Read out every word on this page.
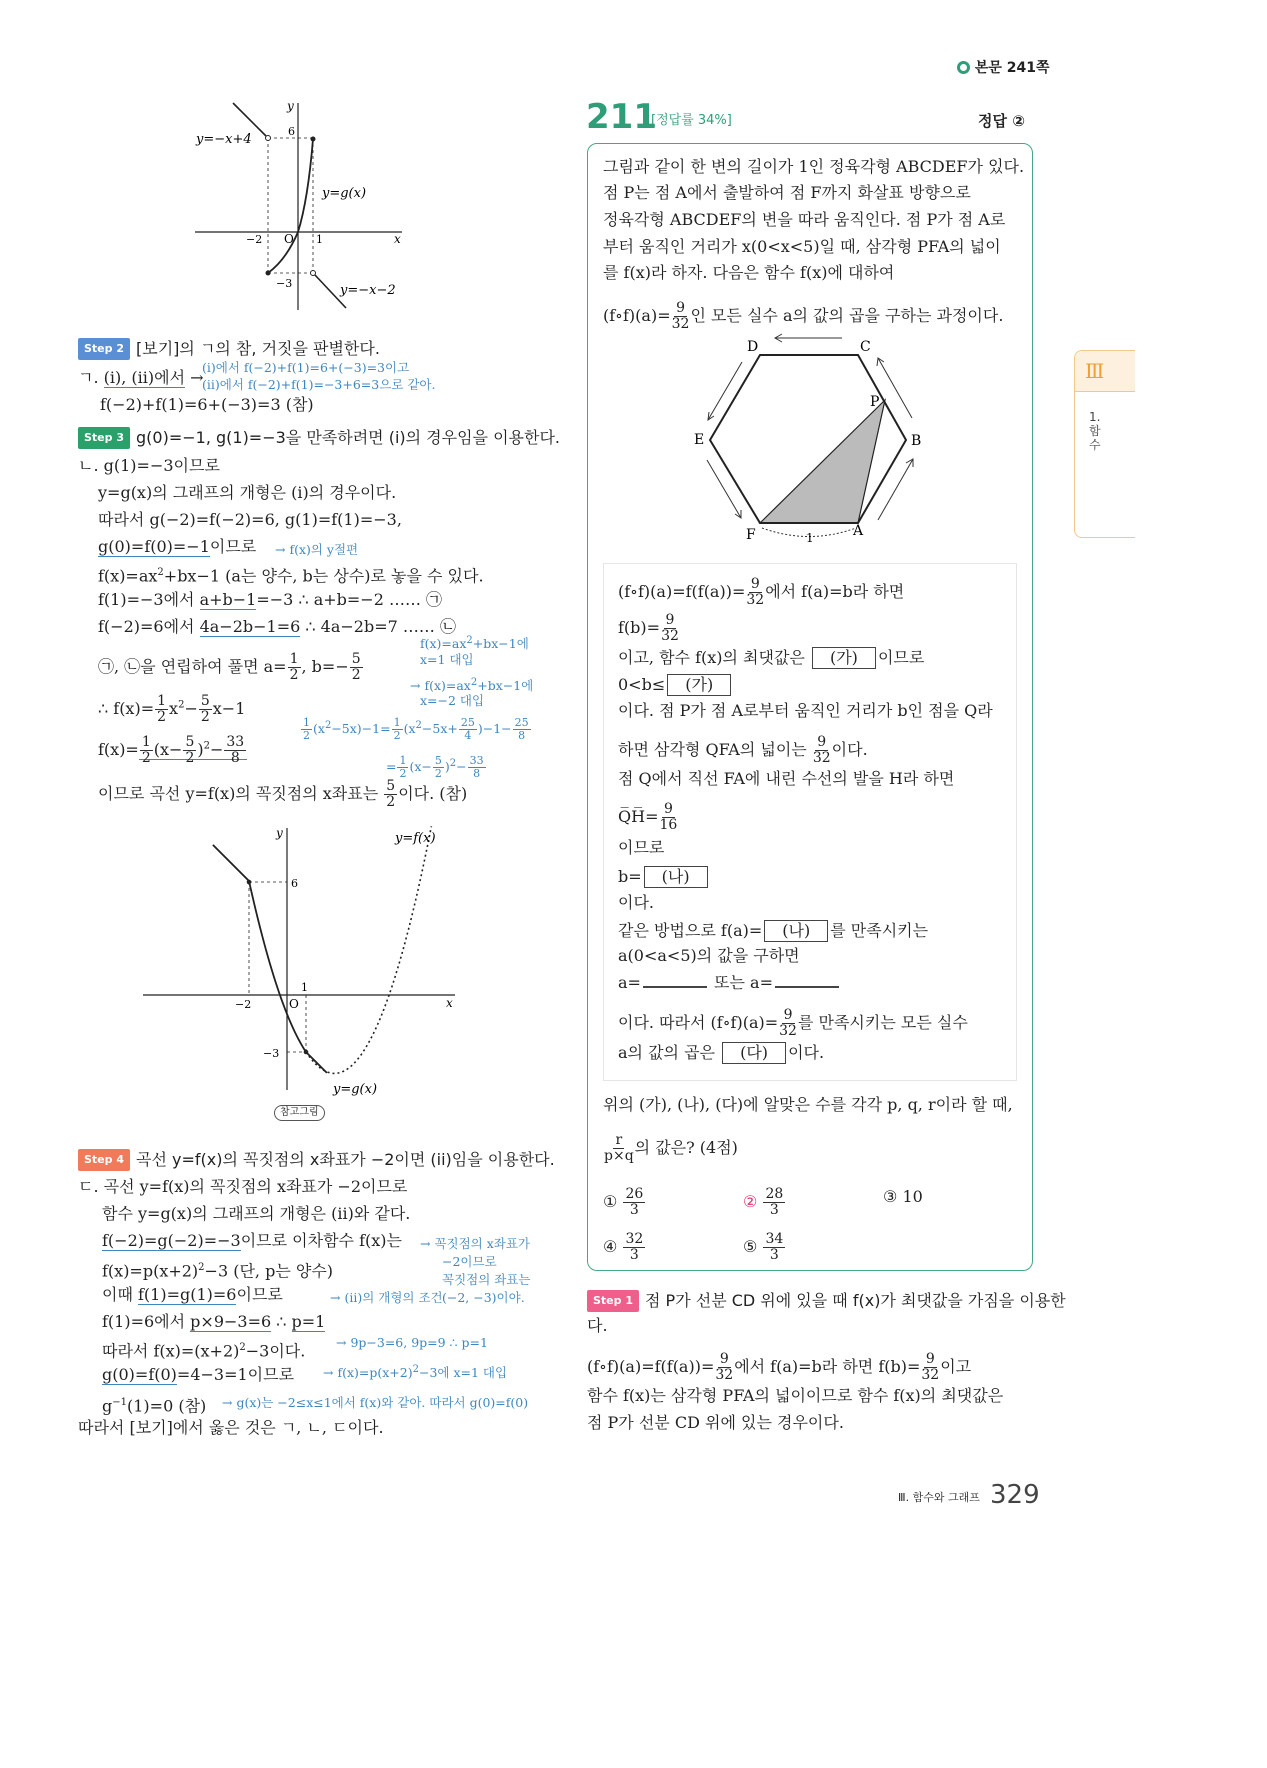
본문 241쪽
211
[정답률 34%]	정답 ②
Ⅲ
1. 함수
y=−x+4
y=g(x)
y=−x−2
y
x
O
6
−2	1
−3
y=f(x)
y=g(x)
y
x
O
6
−2
1
−3
참고그림
A
B
C
D
E
F
P
1
① $\frac{26}{3}$	② $\frac{28}{3}$	③ 10
④ $\frac{32}{3}$	⑤ $\frac{34}{3}$
Ⅲ. 함수와 그래프 329
Step 2 [보기]의 ㄱ의 참, 거짓을 판별한다.
ㄱ. (i), (ii)에서 →
f(−2)+f(1)=6+(−3)=3 (참)
Step 3 g(0)=−1, g(1)=−3을 만족하려면 (i)의 경우임을 이용한다.
ㄴ. g(1)=−3이므로
y=g(x)의 그래프의 개형은 (i)의 경우이다.
따라서 g(−2)=f(−2)=6, g(1)=f(1)=−3,
g(0)=f(0)=−1이므로
$f(x)=ax^2+bx-1$ (a는 양수, b는 상수)로 놓을 수 있다.
f(1)=−3에서 a+b−1=−3 ∴ a+b=−2 …… ㉠
f(−2)=6에서 4a−2b−1=6 ∴ 4a−2b=7 …… ㉡
㉠, ㉡을 연립하여 풀면 $a= \frac{1}{2}$ , $b=- \frac{5}{2}$
∴ $f(x)= \frac{1}{2} x^2- \frac{5}{2} x-1$
$f(x)= \frac{1}{2} (x- \frac{5}{2} )^2- \frac{33}{8}$
이므로 곡선 y=f(x)의 꼭짓점의 x좌표는 $\frac{5}{2}$ 이다. (참)
Step 4 곡선 y=f(x)의 꼭짓점의 x좌표가 −2이면 (ii)임을 이용한다.
ㄷ. 곡선 y=f(x)의 꼭짓점의 x좌표가 −2이므로
함수 y=g(x)의 그래프의 개형은 (ii)와 같다.
f(−2)=g(−2)=−3이므로 이차함수 f(x)는
$f(x)=p(x+2)^2-3$ (단, p는 양수)
이때 f(1)=g(1)=6이므로
f(1)=6에서 p×9−3=6 ∴ p=1
따라서 $f(x)=(x+2)^2-3$이다.
g(0)=f(0)=4−3=1이므로
$g^{-1}(1)=0$ (참)
따라서 [보기]에서 옳은 것은 ㄱ, ㄴ, ㄷ이다.
(i)에서 f(−2)+f(1)=6+(−3)=3이고
(ii)에서 f(−2)+f(1)=−3+6=3으로 같아.
→ f(x)의 y절편
$f(x)=ax^2+bx-1$에
x=1 대입
→ $f(x)=ax^2+bx-1$에
x=−2 대입
$\frac{1}{2} (x^2-5x)-1= \frac{1}{2} (x^2-5x+ \frac{25}{4} )-1- \frac{25}{8}$
= $\frac{1}{2} (x- \frac{5}{2} )^2- \frac{33}{8}$
→ 꼭짓점의 x좌표가
−2이므로
꼭짓점의 좌표는
(−2, −3)이야.
→ (ii)의 개형의 조건
→ 9p−3=6, 9p=9 ∴ p=1
→ $f(x)=p(x+2)^2-3$에 x=1 대입
→ g(x)는 −2≤x≤1에서 f(x)와 같아. 따라서 g(0)=f(0)
그림과 같이 한 변의 길이가 1인 정육각형 ABCDEF가 있다.
점 P는 점 A에서 출발하여 점 F까지 화살표 방향으로
정육각형 ABCDEF의 변을 따라 움직인다. 점 P가 점 A로
부터 움직인 거리가 x(0<x<5)일 때, 삼각형 PFA의 넓이
를 f(x)라 하자. 다음은 함수 f(x)에 대하여
(f∘f)(a)= $\frac{9}{32}$ 인 모든 실수 a의 값의 곱을 구하는 과정이다.
(f∘f)(a)=f(f(a))= $\frac{9}{32}$ 에서 f(a)=b라 하면
$f(b)= \frac{9}{32}$
이고, 함수 f(x)의 최댓값은 (가) 이므로
0<b≤ (가)
이다. 점 P가 점 A로부터 움직인 거리가 b인 점을 Q라
하면 삼각형 QFA의 넓이는 $\frac{9}{32}$ 이다.
점 Q에서 직선 FA에 내린 수선의 발을 H라 하면
Q̅H̅= $\frac{9}{16}$
이므로
b= (나)
이다.
같은 방법으로 f(a)= (나) 를 만족시키는
a(0<a<5)의 값을 구하면
a=	또는 a=
이다. 따라서 (f∘f)(a)= $\frac{9}{32}$ 를 만족시키는 모든 실수
a의 값의 곱은 (다) 이다.
위의 (가), (나), (다)에 알맞은 수를 각각 p, q, r이라 할 때,
$\frac{r}{p\times q}$ 의 값은? (4점)
Step 1 점 P가 선분 CD 위에 있을 때 f(x)가 최댓값을 가짐을 이용한
다.
(f∘f)(a)=f(f(a))= $\frac{9}{32}$ 에서 f(a)=b라 하면 $f(b)= \frac{9}{32}$ 이고
함수 f(x)는 삼각형 PFA의 넓이이므로 함수 f(x)의 최댓값은
점 P가 선분 CD 위에 있는 경우이다.
